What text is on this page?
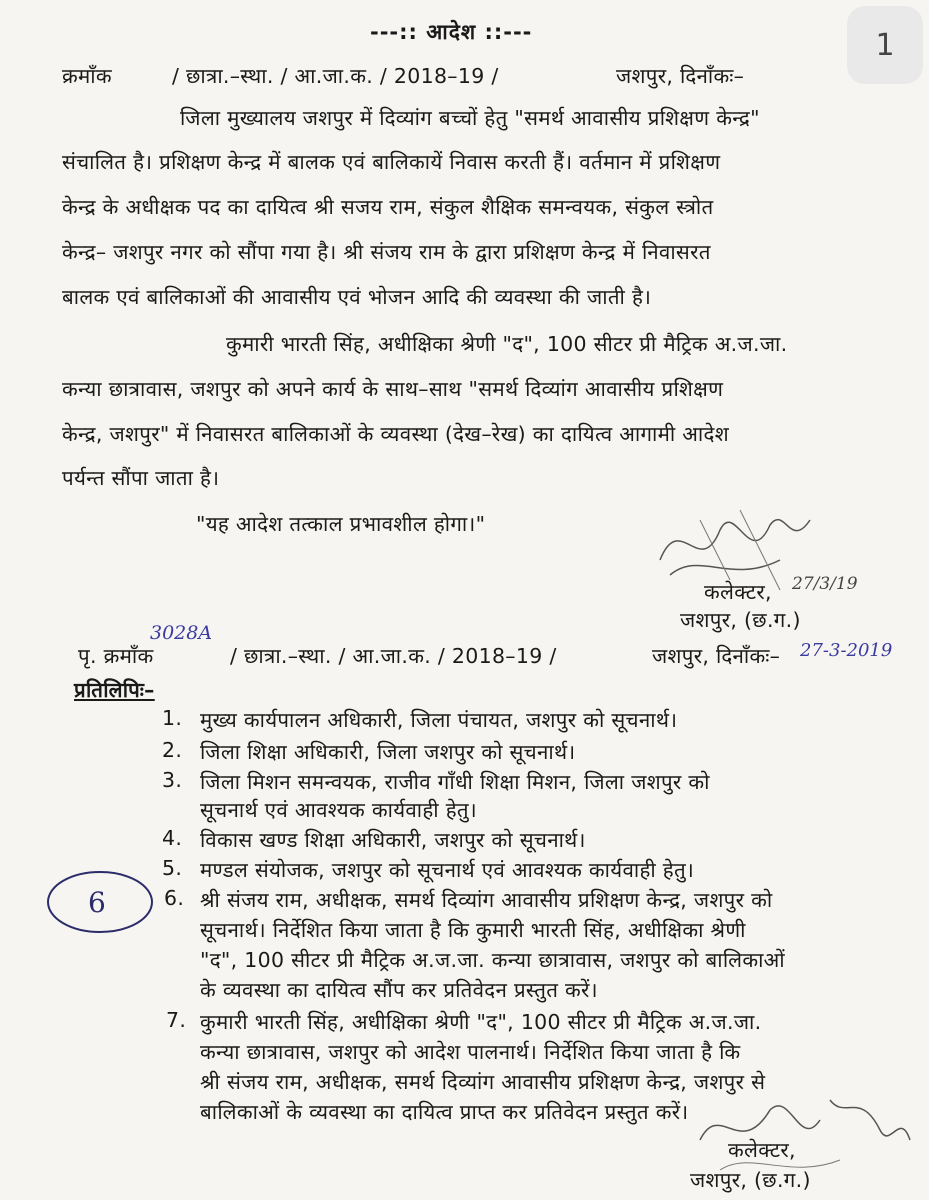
1
---:: आदेश ::---
क्रमॉंक	/ छात्रा.–स्था. / आ.जा.क. / 2018–19 /	जशपुर, दिनॉंकः–
जिला मुख्यालय जशपुर में दिव्यांग बच्चों हेतु "समर्थ आवासीय प्रशिक्षण केन्द्र"
संचालित है। प्रशिक्षण केन्द्र में बालक एवं बालिकायें निवास करती हैं। वर्तमान में प्रशिक्षण
केन्द्र के अधीक्षक पद का दायित्व श्री सजय राम, संकुल शैक्षिक समन्वयक, संकुल स्त्रोत
केन्द्र– जशपुर नगर को सौंपा गया है। श्री संजय राम के द्वारा प्रशिक्षण केन्द्र में निवासरत
बालक एवं बालिकाओं की आवासीय एवं भोजन आदि की व्यवस्था की जाती है।
कुमारी भारती सिंह, अधीक्षिका श्रेणी "द", 100 सीटर प्री मैट्रिक अ.ज.जा.
कन्या छात्रावास, जशपुर को अपने कार्य के साथ–साथ "समर्थ दिव्यांग आवासीय प्रशिक्षण
केन्द्र, जशपुर" में निवासरत बालिकाओं के व्यवस्था (देख–रेख) का दायित्व आगामी आदेश
पर्यन्त सौंपा जाता है।
"यह आदेश तत्काल प्रभावशील होगा।"
कलेक्टर, 27/3/19
जशपुर, (छ.ग.)
पृ. क्रमॉंक
3028A
/ छात्रा.–स्था. / आ.जा.क. / 2018–19 /	जशपुर, दिनॉंकः– 27-3-2019
प्रतिलिपिः–
1. मुख्य कार्यपालन अधिकारी, जिला पंचायत, जशपुर को सूचनार्थ।
2. जिला शिक्षा अधिकारी, जिला जशपुर को सूचनार्थ।
3. जिला मिशन समन्वयक, राजीव गॉंधी शिक्षा मिशन, जिला जशपुर को
सूचनार्थ एवं आवश्यक कार्यवाही हेतु।
4. विकास खण्ड शिक्षा अधिकारी, जशपुर को सूचनार्थ।
5. मण्डल संयोजक, जशपुर को सूचनार्थ एवं आवश्यक कार्यवाही हेतु।
6	6. श्री संजय राम, अधीक्षक, समर्थ दिव्यांग आवासीय प्रशिक्षण केन्द्र, जशपुर को
सूचनार्थ। निर्देशित किया जाता है कि कुमारी भारती सिंह, अधीक्षिका श्रेणी
"द", 100 सीटर प्री मैट्रिक अ.ज.जा. कन्या छात्रावास, जशपुर को बालिकाओं
के व्यवस्था का दायित्व सौंप कर प्रतिवेदन प्रस्तुत करें।
7. कुमारी भारती सिंह, अधीक्षिका श्रेणी "द", 100 सीटर प्री मैट्रिक अ.ज.जा.
कन्या छात्रावास, जशपुर को आदेश पालनार्थ। निर्देशित किया जाता है कि
श्री संजय राम, अधीक्षक, समर्थ दिव्यांग आवासीय प्रशिक्षण केन्द्र, जशपुर से
बालिकाओं के व्यवस्था का दायित्व प्राप्त कर प्रतिवेदन प्रस्तुत करें।
कलेक्टर,
जशपुर, (छ.ग.)
